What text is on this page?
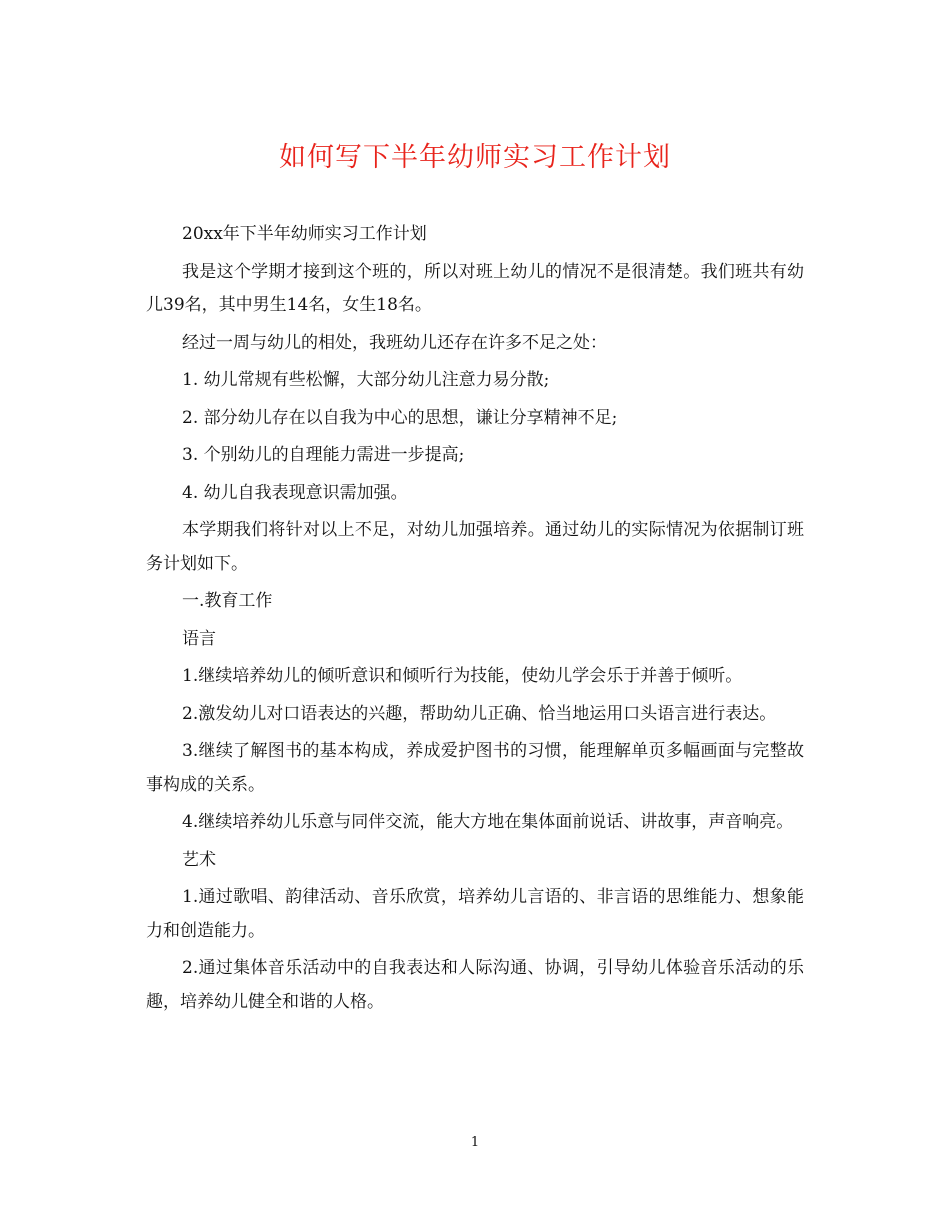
如何写下半年幼师实习工作计划

20xx年下半年幼师实习工作计划

我是这个学期才接到这个班的，所以对班上幼儿的情况不是很清楚。我们班共有幼儿39名，其中男生14名，女生18名。

经过一周与幼儿的相处，我班幼儿还存在许多不足之处：

1. 幼儿常规有些松懈，大部分幼儿注意力易分散;

2. 部分幼儿存在以自我为中心的思想，谦让分享精神不足;

3. 个别幼儿的自理能力需进一步提高;

4. 幼儿自我表现意识需加强。

本学期我们将针对以上不足，对幼儿加强培养。通过幼儿的实际情况为依据制订班务计划如下。

一.教育工作

语言

1.继续培养幼儿的倾听意识和倾听行为技能，使幼儿学会乐于并善于倾听。

2.激发幼儿对口语表达的兴趣，帮助幼儿正确、恰当地运用口头语言进行表达。

3.继续了解图书的基本构成，养成爱护图书的习惯，能理解单页多幅画面与完整故事构成的关系。

4.继续培养幼儿乐意与同伴交流，能大方地在集体面前说话、讲故事，声音响亮。

艺术

1.通过歌唱、韵律活动、音乐欣赏，培养幼儿言语的、非言语的思维能力、想象能力和创造能力。

2.通过集体音乐活动中的自我表达和人际沟通、协调，引导幼儿体验音乐活动的乐趣，培养幼儿健全和谐的人格。

1
